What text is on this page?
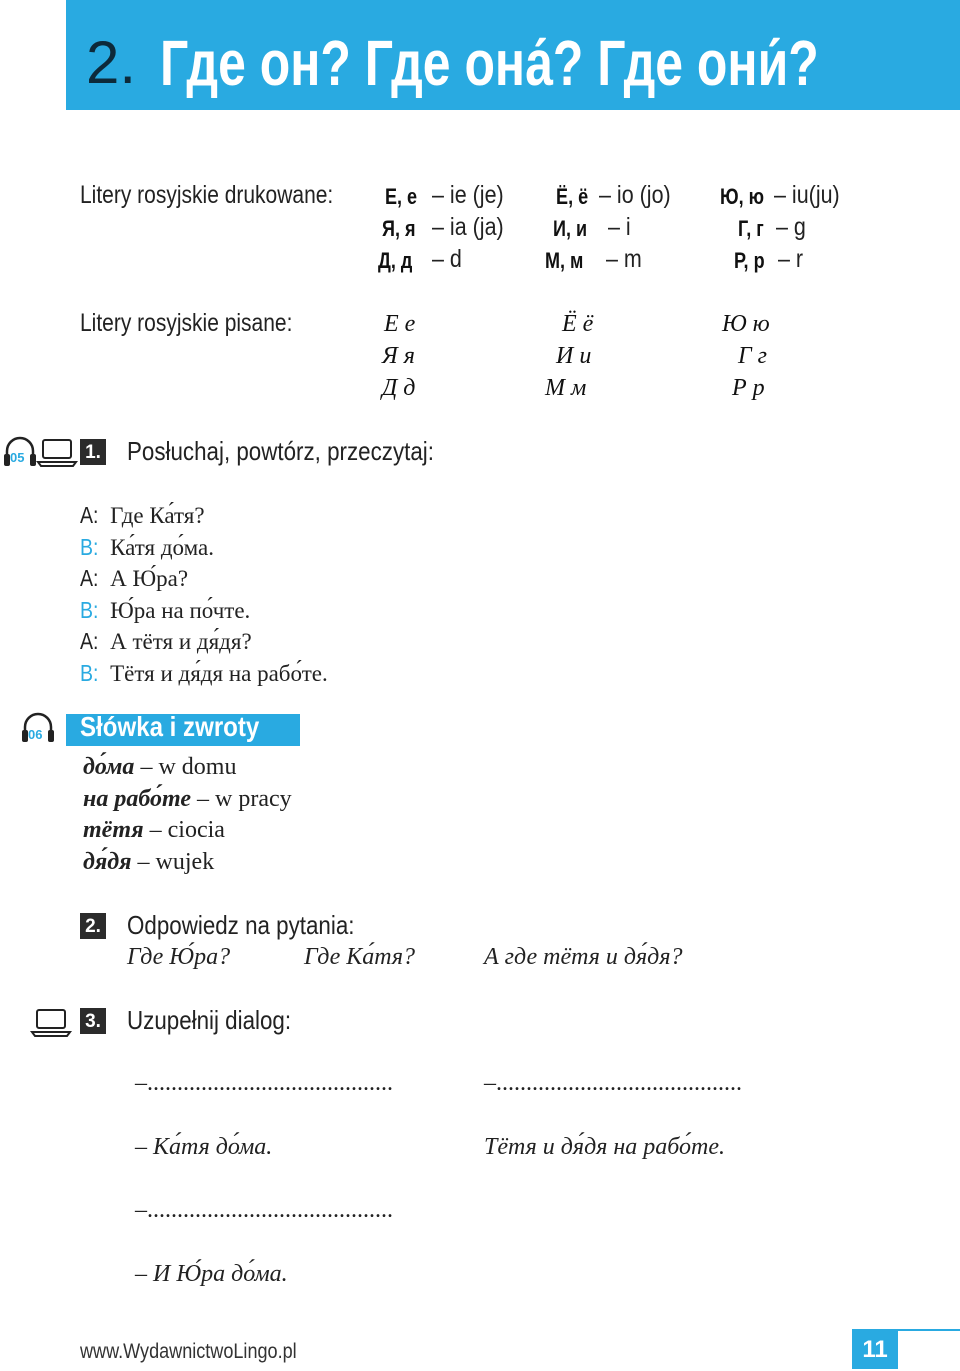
2. Где он? Где она́? Где они́?
Litery rosyjskie drukowane:	Е, е – ie (je)	Ё, ё – io (jo)	Ю, ю – iu(ju)
Я, я – ia (ja)	И, и – i	Г, г – g
Д, д – d	М, м – m	Р, р – r
Litery rosyjskie pisane:	Е е	Ё ё	Ю ю
Я я	И и	Г г
Д д	М м	Р р
05	1. Posłuchaj, powtórz, przeczytaj:
A: Где Ка́тя?
B: Ка́тя до́ма.
A: А Ю́ра?
B: Ю́ра на по́чте.
A: А тётя и дя́дя?
B: Тётя и дя́дя на рабо́те.
06 Słówka i zwroty
до́ма – w domu
на рабо́те – w pracy
тётя – ciocia
дя́дя – wujek
2. Odpowiedz na pytania:
Где Ю́ра?	Где Ка́тя?	А где тётя и дя́дя?
3. Uzupełnij dialog:
–.........................................	–.........................................
– Ка́тя до́ма.	Тётя и дя́дя на рабо́те.
–.........................................
– И Ю́ра до́ма.
www.WydawnictwoLingo.pl	11
